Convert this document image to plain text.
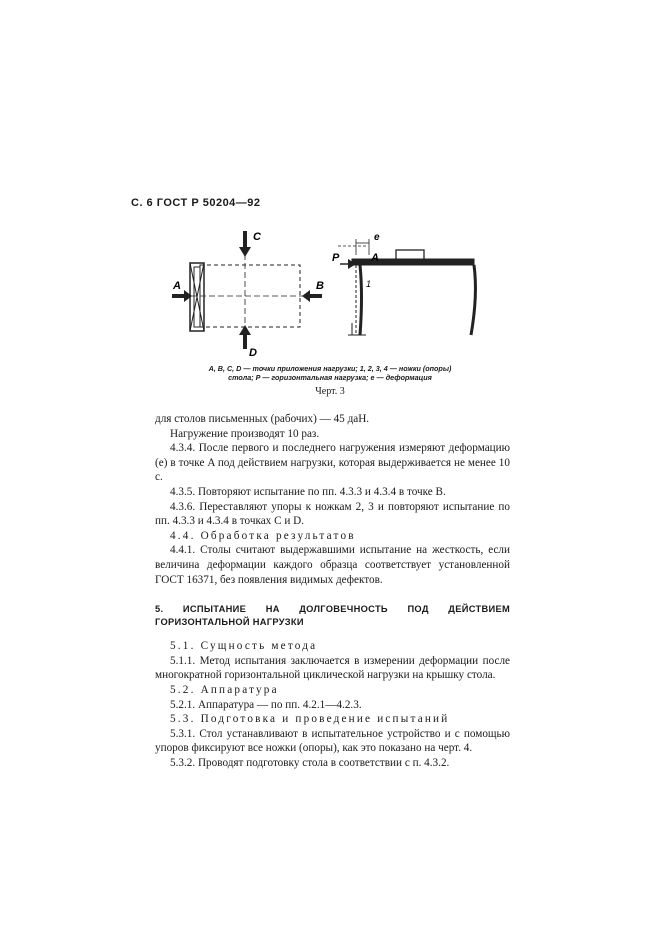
С. 6 ГОСТ Р 50204—92
C
D
A	B
P	A
e
1
A, B, C, D — точки приложения нагрузки; 1, 2, 3, 4 — ножки (опоры)
стола; P — горизонтальная нагрузка; e — деформация
Черт. 3

для столов письменных (рабочих) — 45 даН.

Нагружение производят 10 раз.

4.3.4. После первого и последнего нагружения измеряют деформацию (e) в точке A под действием нагрузки, которая выдерживается не менее 10 с.

4.3.5. Повторяют испытание по пп. 4.3.3 и 4.3.4 в точке B.

4.3.6. Переставляют упоры к ножкам 2, 3 и повторяют испытание по пп. 4.3.3 и 4.3.4 в точках C и D.

4.4. Обработка результатов

4.4.1. Столы считают выдержавшими испытание на жесткость, если величина деформации каждого образца соответствует установленной ГОСТ 16371, без появления видимых дефектов.

5. ИСПЫТАНИЕ НА ДОЛГОВЕЧНОСТЬ ПОД ДЕЙСТВИЕМ ГОРИЗОНТАЛЬНОЙ НАГРУЗКИ

5.1. Сущность метода

5.1.1. Метод испытания заключается в измерении деформации после многократной горизонтальной циклической нагрузки на крышку стола.

5.2. Аппаратура

5.2.1. Аппаратура — по пп. 4.2.1—4.2.3.

5.3. Подготовка и проведение испытаний

5.3.1. Стол устанавливают в испытательное устройство и с помощью упоров фиксируют все ножки (опоры), как это показано на черт. 4.

5.3.2. Проводят подготовку стола в соответствии с п. 4.3.2.
